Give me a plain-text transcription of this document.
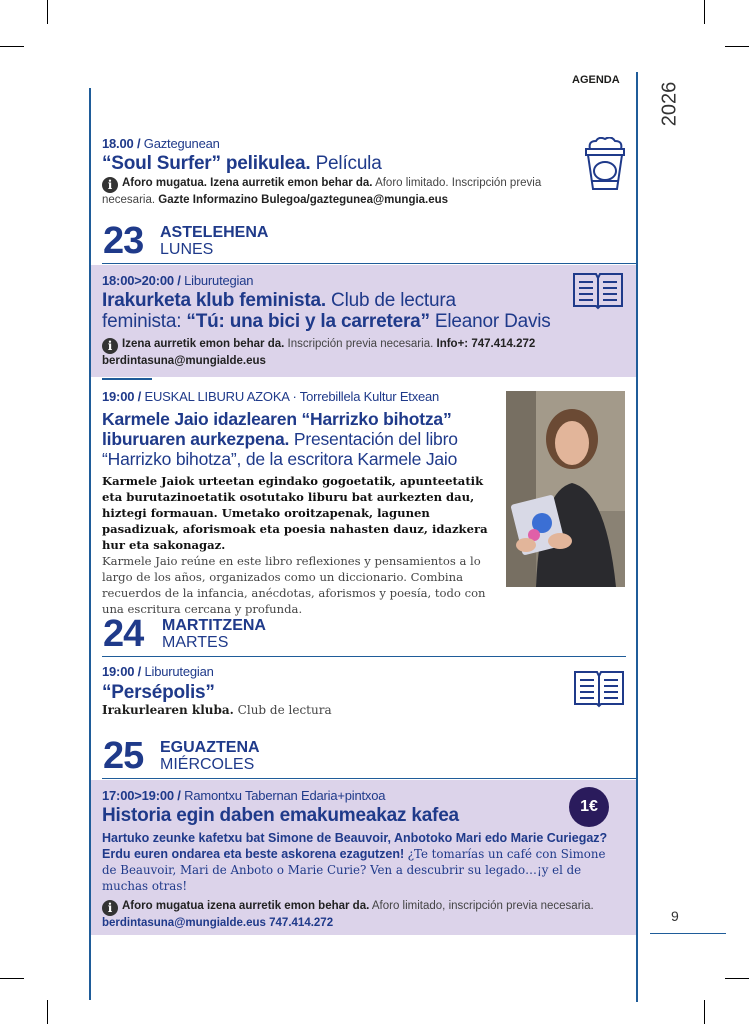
AGENDA
2026
9
18.00 / Gaztegunean
“Soul Surfer” pelikulea. Película
i Aforo mugatua. Izena aurretik emon behar da. Aforo limitado. Inscripción previa necesaria. Gazte Informazino Bulegoa/gaztegunea@mungia.eus
23 ASTELEHENA
LUNES
18:00>20:00 / Liburutegian
Irakurketa klub feminista. Club de lectura
feminista: “Tú: una bici y la carretera” Eleanor Davis
i Izena aurretik emon behar da. Inscripción previa necesaria. Info+: 747.414.272
berdintasuna@mungialde.eus
19:00 / EUSKAL LIBURU AZOKA · Torrebillela Kultur Etxean
Karmele Jaio idazlearen “Harrizko bihotza”
liburuaren aurkezpena. Presentación del libro
“Harrizko bihotza”, de la escritora Karmele Jaio
Karmele Jaiok urteetan egindako gogoetatik, apunteetatik eta burutazinoetatik osotutako liburu bat aurkezten dau, hiztegi formauan. Umetako oroitzapenak, lagunen pasadizuak, aforismoak eta poesia nahasten dauz, idazkera hur eta sakonagaz.
Karmele Jaio reúne en este libro reflexiones y pensamientos a lo largo de los años, organizados como un diccionario. Combina recuerdos de la infancia, anécdotas, aforismos y poesía, todo con una escritura cercana y profunda.
24 MARTITZENA
MARTES
19:00 / Liburutegian
“Persépolis”
Irakurlearen kluba. Club de lectura
25 EGUAZTENA
MIÉRCOLES
17:00>19:00 / Ramontxu Tabernan Edaria+pintxoa
Historia egin daben emakumeakaz kafea	1€
Hartuko zeunke kafetxu bat Simone de Beauvoir, Anbotoko Mari edo Marie Curiegaz? Erdu euren ondarea eta beste askorena ezagutzen! ¿Te tomarías un café con Simone de Beauvoir, Mari de Anboto o Marie Curie? Ven a descubrir su legado…¡y el de muchas otras!
i Aforo mugatua izena aurretik emon behar da. Aforo limitado, inscripción previa necesaria.
berdintasuna@mungialde.eus 747.414.272
